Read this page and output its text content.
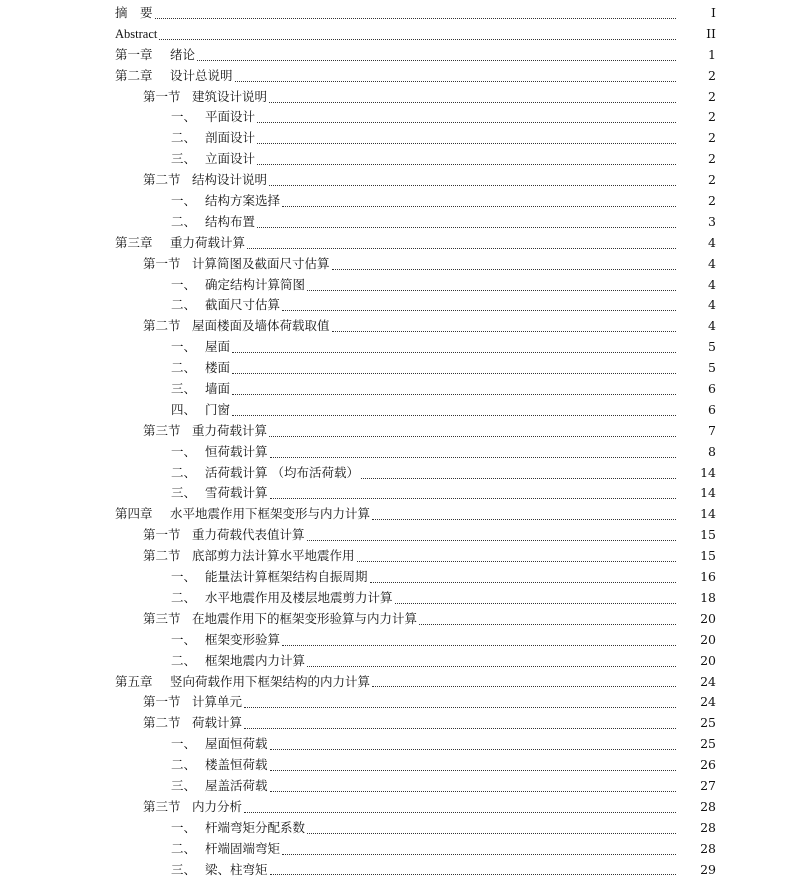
摘　要	I
Abstract	II
第一章	绪论	1
第二章	设计总说明	2
第一节 建筑设计说明	2
一、 平面设计	2
二、 剖面设计	2
三、 立面设计	2
第二节 结构设计说明	2
一、 结构方案选择	2
二、 结构布置	3
第三章	重力荷载计算	4
第一节 计算简图及截面尺寸估算	4
一、 确定结构计算简图	4
二、 截面尺寸估算	4
第二节 屋面楼面及墙体荷载取值	4
一、 屋面	5
二、 楼面	5
三、 墙面	6
四、 门窗	6
第三节 重力荷载计算	7
一、 恒荷载计算	8
二、 活荷载计算 （均布活荷载）	14
三、 雪荷载计算	14
第四章	水平地震作用下框架变形与内力计算	14
第一节 重力荷载代表值计算	15
第二节 底部剪力法计算水平地震作用	15
一、 能量法计算框架结构自振周期	16
二、 水平地震作用及楼层地震剪力计算	18
第三节 在地震作用下的框架变形验算与内力计算	20
一、 框架变形验算	20
二、 框架地震内力计算	20
第五章	竖向荷载作用下框架结构的内力计算	24
第一节 计算单元	24
第二节 荷载计算	25
一、 屋面恒荷载	25
二、 楼盖恒荷载	26
三、 屋盖活荷载	27
第三节 内力分析	28
一、 杆端弯矩分配系数	28
二、 杆端固端弯矩	28
三、 梁、柱弯矩	29
